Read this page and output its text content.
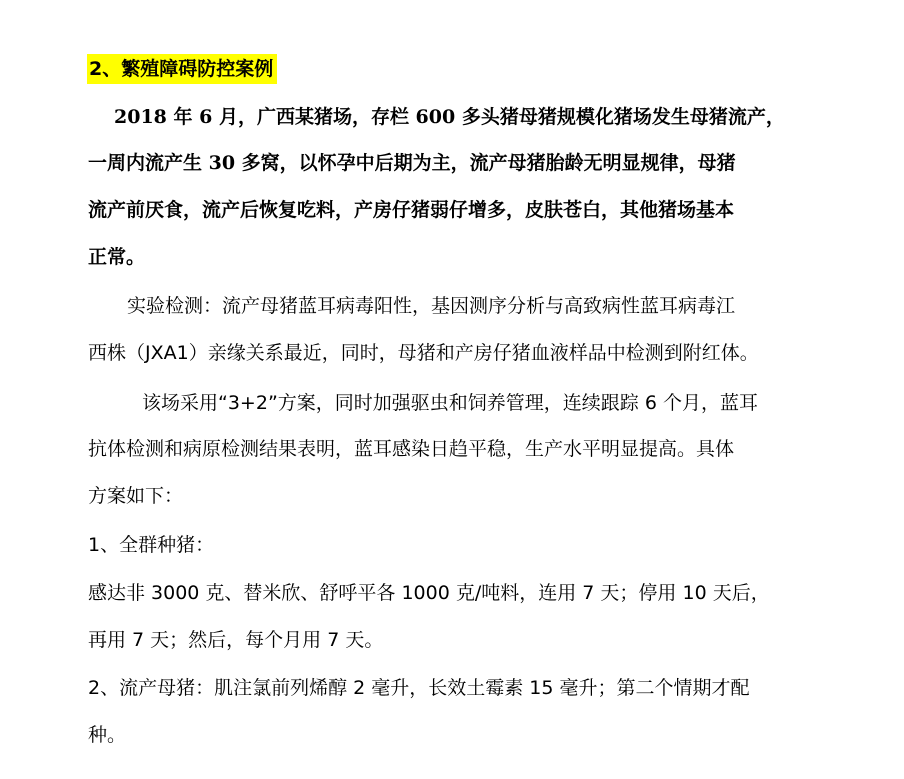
2、繁殖障碍防控案例
2018 年 6 月，广西某猪场，存栏 600 多头猪母猪规模化猪场发生母猪流产，
一周内流产生 30 多窝，以怀孕中后期为主，流产母猪胎龄无明显规律，母猪
流产前厌食，流产后恢复吃料，产房仔猪弱仔增多，皮肤苍白，其他猪场基本
正常。
实验检测：流产母猪蓝耳病毒阳性，基因测序分析与高致病性蓝耳病毒江
西株（JXA1）亲缘关系最近，同时，母猪和产房仔猪血液样品中检测到附红体。
该场采用“3+2”方案，同时加强驱虫和饲养管理，连续跟踪 6 个月，蓝耳
抗体检测和病原检测结果表明，蓝耳感染日趋平稳，生产水平明显提高。具体
方案如下：
1、全群种猪：
感达非 3000 克、替米欣、舒呼平各 1000 克/吨料，连用 7 天；停用 10 天后，
再用 7 天；然后，每个月用 7 天。
2、流产母猪：肌注氯前列烯醇 2 毫升，长效土霉素 15 毫升；第二个情期才配
种。
